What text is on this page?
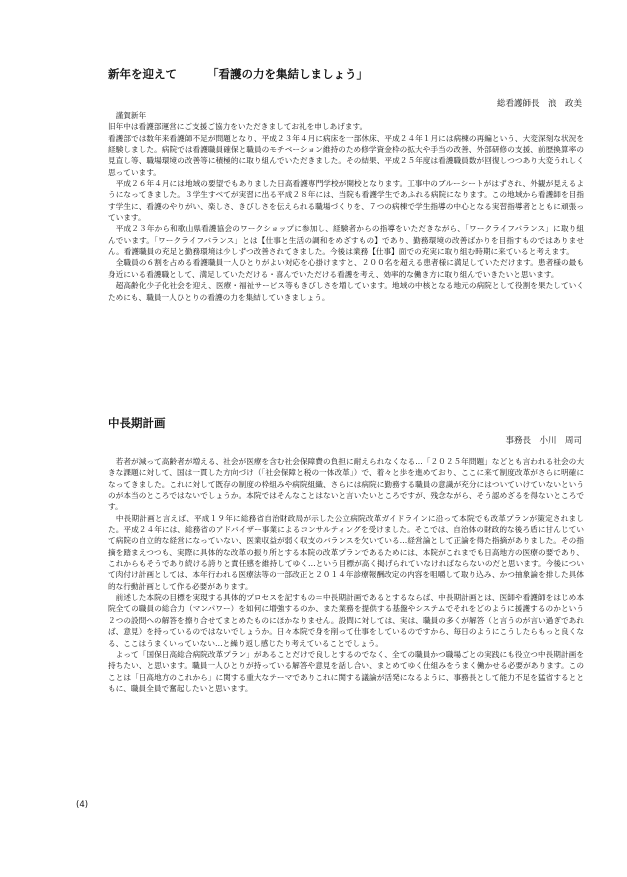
新年を迎えて	「看護の力を集結しましょう」
総看護師長　浪　政美

　謹賀新年

旧年中は看護部運営にご支援ご協力をいただきましてお礼を申しあげます。

看護部では数年来看護師不足が問題となり、平成２３年４月に病床を一部休床、平成２４年１月には病棟の再編という、大変深刻な状況を経験しました。病院では看護職員確保と職員のモチベーション維持のため修学資金枠の拡大や手当の改善、外部研修の支援、前歴換算率の見直し等、職場環境の改善等に積極的に取り組んでいただきました。その結果、平成２５年度は看護職員数が回復しつつあり大変うれしく思っています。

　平成２６年４月には地域の要望でもありました日高看護専門学校が開校となります。工事中のブルーシートがはずされ、外観が見えるようになってきました。３学生すべてが実習に出る平成２８年には、当院も看護学生であふれる病院になります。この地域から看護師を目指す学生に、看護のやりがい、楽しさ、きびしさを伝えられる職場づくりを、７つの病棟で学生指導の中心となる実習指導者とともに頑張っています。

　平成２３年から和歌山県看護協会のワークショップに参加し、経験者からの指導をいただきながら、「ワークライフバランス」に取り組んでいます。「ワークライフバランス」とは【仕事と生活の調和をめざすもの】であり、勤務環境の改善ばかりを目指すものではありません。看護職員の充足と勤務環境は少しずつ改善されてきました。今後は業務【仕事】面での充実に取り組む時期に来ていると考えます。

　全職員の６割を占める看護職員一人ひとりがよい対応を心掛けますと、２００名を超える患者様に満足していただけます。患者様の最も身近にいる看護職として、満足していただける・喜んでいただける看護を考え、効率的な働き方に取り組んでいきたいと思います。

　超高齢化少子化社会を迎え、医療・福祉サービス等もきびしさを増しています。地域の中核となる地元の病院として役割を果たしていくためにも、職員一人ひとりの看護の力を集結していきましょう。

中長期計画
事務長　小川　周司

　若者が減って高齢者が増える、社会が医療を含む社会保障費の負担に耐えられなくなる…「２０２５年問題」などとも言われる社会の大きな課題に対して、国は一貫した方向づけ（「社会保障と税の一体改革」）で、着々と歩を進めており、ここに来て制度改革がさらに明確になってきました。これに対して既存の制度の枠組みや病院組織、さらには病院に勤務する職員の意識が充分にはついていけていないというのが本当のところではないでしょうか。本院ではそんなことはないと言いたいところですが、残念ながら、そう認めざるを得ないところです。

　中長期計画と言えば、平成１９年に総務省自治財政局が示した公立病院改革ガイドラインに沿って本院でも改革プランが策定されました。平成２４年には、総務省のアドバイザー事業によるコンサルティングを受けました。そこでは、自治体の財政的な後ろ盾に甘んじていて病院の自立的な経営になっていない、医業収益が弱く収支のバランスを欠いている…経営論として正論を得た指摘がありました。その指摘を踏まえつつも、実際に具体的な改革の振り所とする本院の改革プランであるためには、本院がこれまでも日高地方の医療の要であり、これからもそうであり続ける誇りと責任感を維持してゆく…という目標が高く掲げられていなければならないのだと思います。今後について肉付け計画としては、本年行われる医療法等の一部改正と２０１４年診療報酬改定の内容を咀嚼して取り込み、かつ抽象論を排した具体的な行動計画として作る必要があります。

　前述した本院の目標を実現する具体的プロセスを記すもの＝中長期計画であるとするならば、中長期計画とは、医師や看護師をはじめ本院全ての職員の総合力（マンパワー）を如何に増強するのか、また業務を提供する基盤やシステムでそれをどのように援護するのかという２つの設問への解答を擦り合せてまとめたものにほかなりません。設問に対しては、実は、職員の多くが解答（と言うのが言い過ぎであれば、意見）を持っているのではないでしょうか。日々本院で身を削って仕事をしているのですから、毎日のようにこうしたらもっと良くなる、ここはうまくいっていない…と繰り返し感じたり考えていることでしょう。

　よって「国保日高総合病院改革プラン」があることだけで良しとするのでなく、全ての職員かつ職場ごとの実践にも役立つ中長期計画を持ちたい、と思います。職員一人ひとりが持っている解答や意見を話し合い、まとめてゆく仕組みをうまく働かせる必要があります。このことは「日高地方のこれから」に関する重大なテーマでありこれに関する議論が活発になるように、事務長として能力不足を猛省するとともに、職員全員で奮起したいと思います。

(4)
